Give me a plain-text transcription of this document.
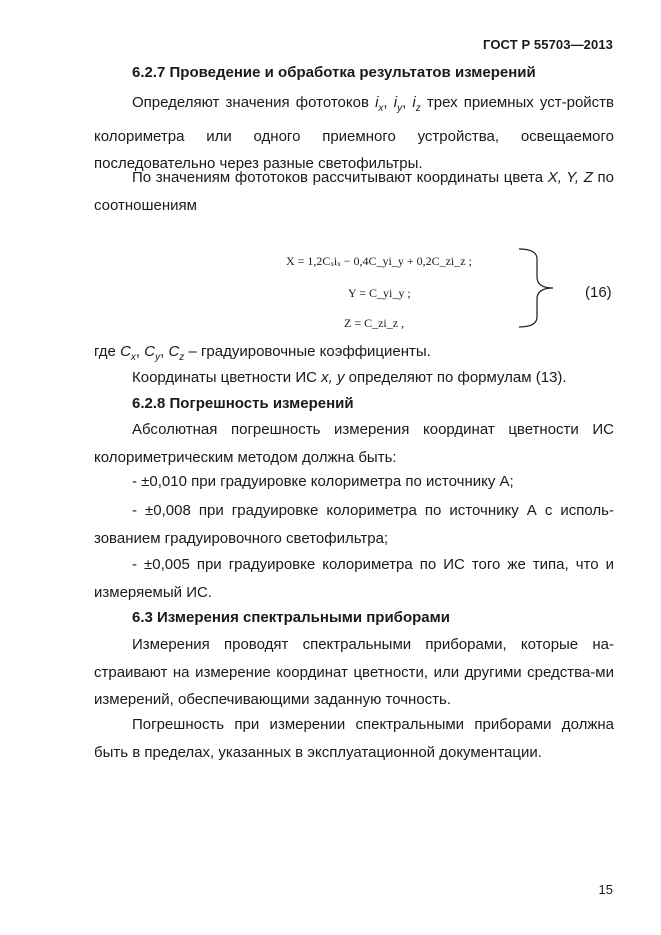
ГОСТ Р 55703—2013
6.2.7 Проведение и обработка результатов измерений
Определяют значения фототоков $i_x$, $i_y$, $i_z$ трех приемных уст-ройств колориметра или одного приемного устройства, освещаемого последовательно через разные светофильтры.
По значениям фототоков рассчитывают координаты цвета X, Y, Z по соотношениям
X = 1,2Cₓiₓ − 0,4C_yi_y + 0,2C_zi_z ;
Y = C_yi_y ;
Z = C_zi_z ,
(16)
где $C_x$, $C_y$, $C_z$ – градуировочные коэффициенты.
Координаты цветности ИС x, y определяют по формулам (13).
6.2.8 Погрешность измерений
Абсолютная погрешность измерения координат цветности ИС колориметрическим методом должна быть:
- ±0,010 при градуировке колориметра по источнику А;
- ±0,008 при градуировке колориметра по источнику А с исполь-зованием градуировочного светофильтра;
- ±0,005 при градуировке колориметра по ИС того же типа, что и измеряемый ИС.
6.3 Измерения спектральными приборами
Измерения проводят спектральными приборами, которые на-страивают на измерение координат цветности, или другими средства-ми измерений, обеспечивающими заданную точность.
Погрешность при измерении спектральными приборами должна быть в пределах, указанных в эксплуатационной документации.
15
